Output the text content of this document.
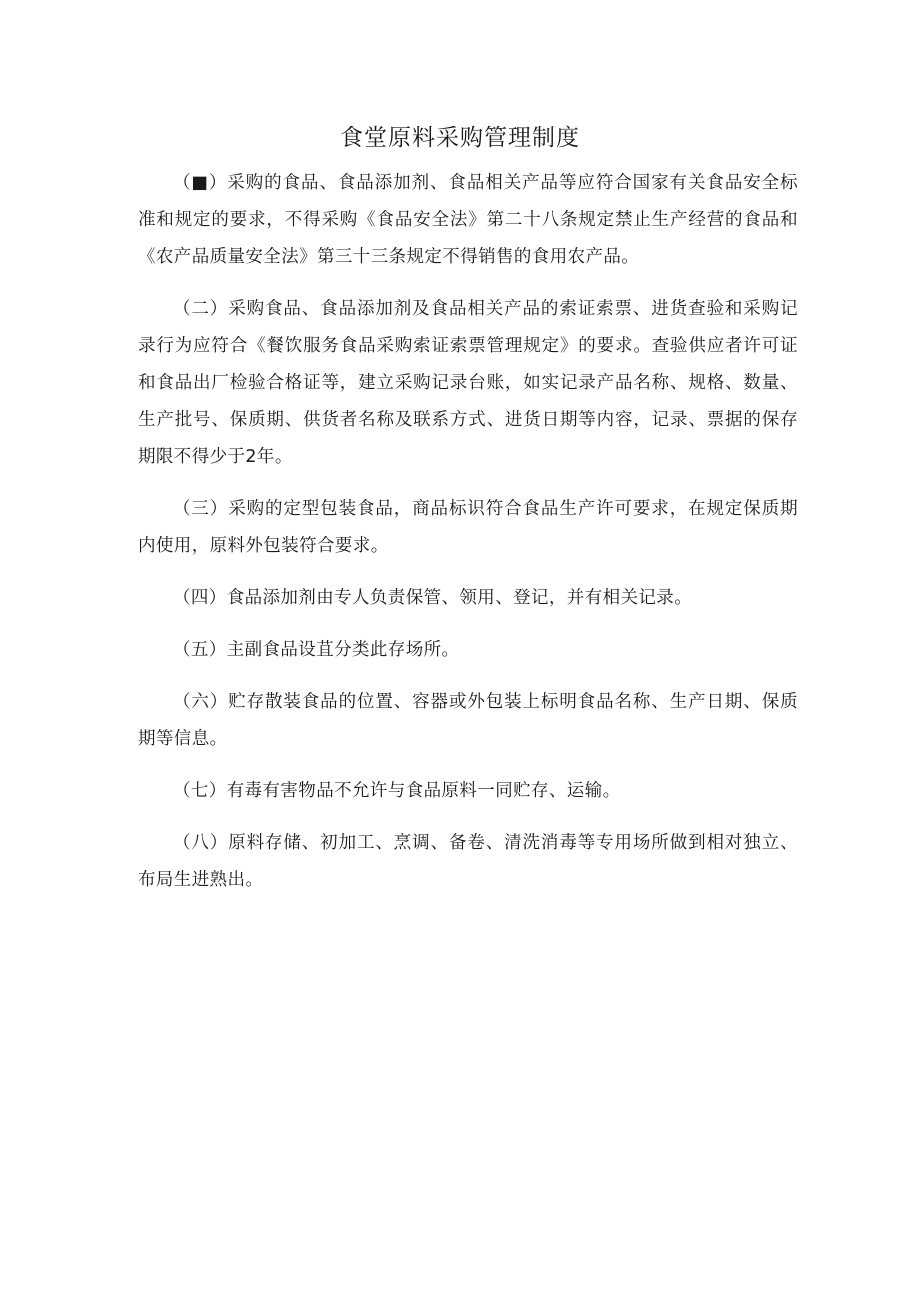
食堂原料采购管理制度

（■）采购的食品、食品添加剂、食品相关产品等应符合国家有关食品安全标准和规定的要求，不得采购《食品安全法》第二十八条规定禁止生产经营的食品和《农产品质量安全法》第三十三条规定不得销售的食用农产品。

（二）采购食品、食品添加剂及食品相关产品的索证索票、进货查验和采购记录行为应符合《餐饮服务食品采购索证索票管理规定》的要求。查验供应者许可证和食品出厂检验合格证等，建立采购记录台账，如实记录产品名称、规格、数量、生产批号、保质期、供货者名称及联系方式、进货日期等内容，记录、票据的保存期限不得少于2年。

（三）采购的定型包装食品，商品标识符合食品生产许可要求，在规定保质期内使用，原料外包装符合要求。

（四）食品添加剂由专人负责保管、领用、登记，并有相关记录。

（五）主副食品设苴分类此存场所。

（六）贮存散装食品的位置、容器或外包装上标明食品名称、生产日期、保质期等信息。

（七）有毒有害物品不允许与食品原料一同贮存、运输。

（八）原料存储、初加工、烹调、备卷、清洗消毒等专用场所做到相对独立、布局生进熟出。
